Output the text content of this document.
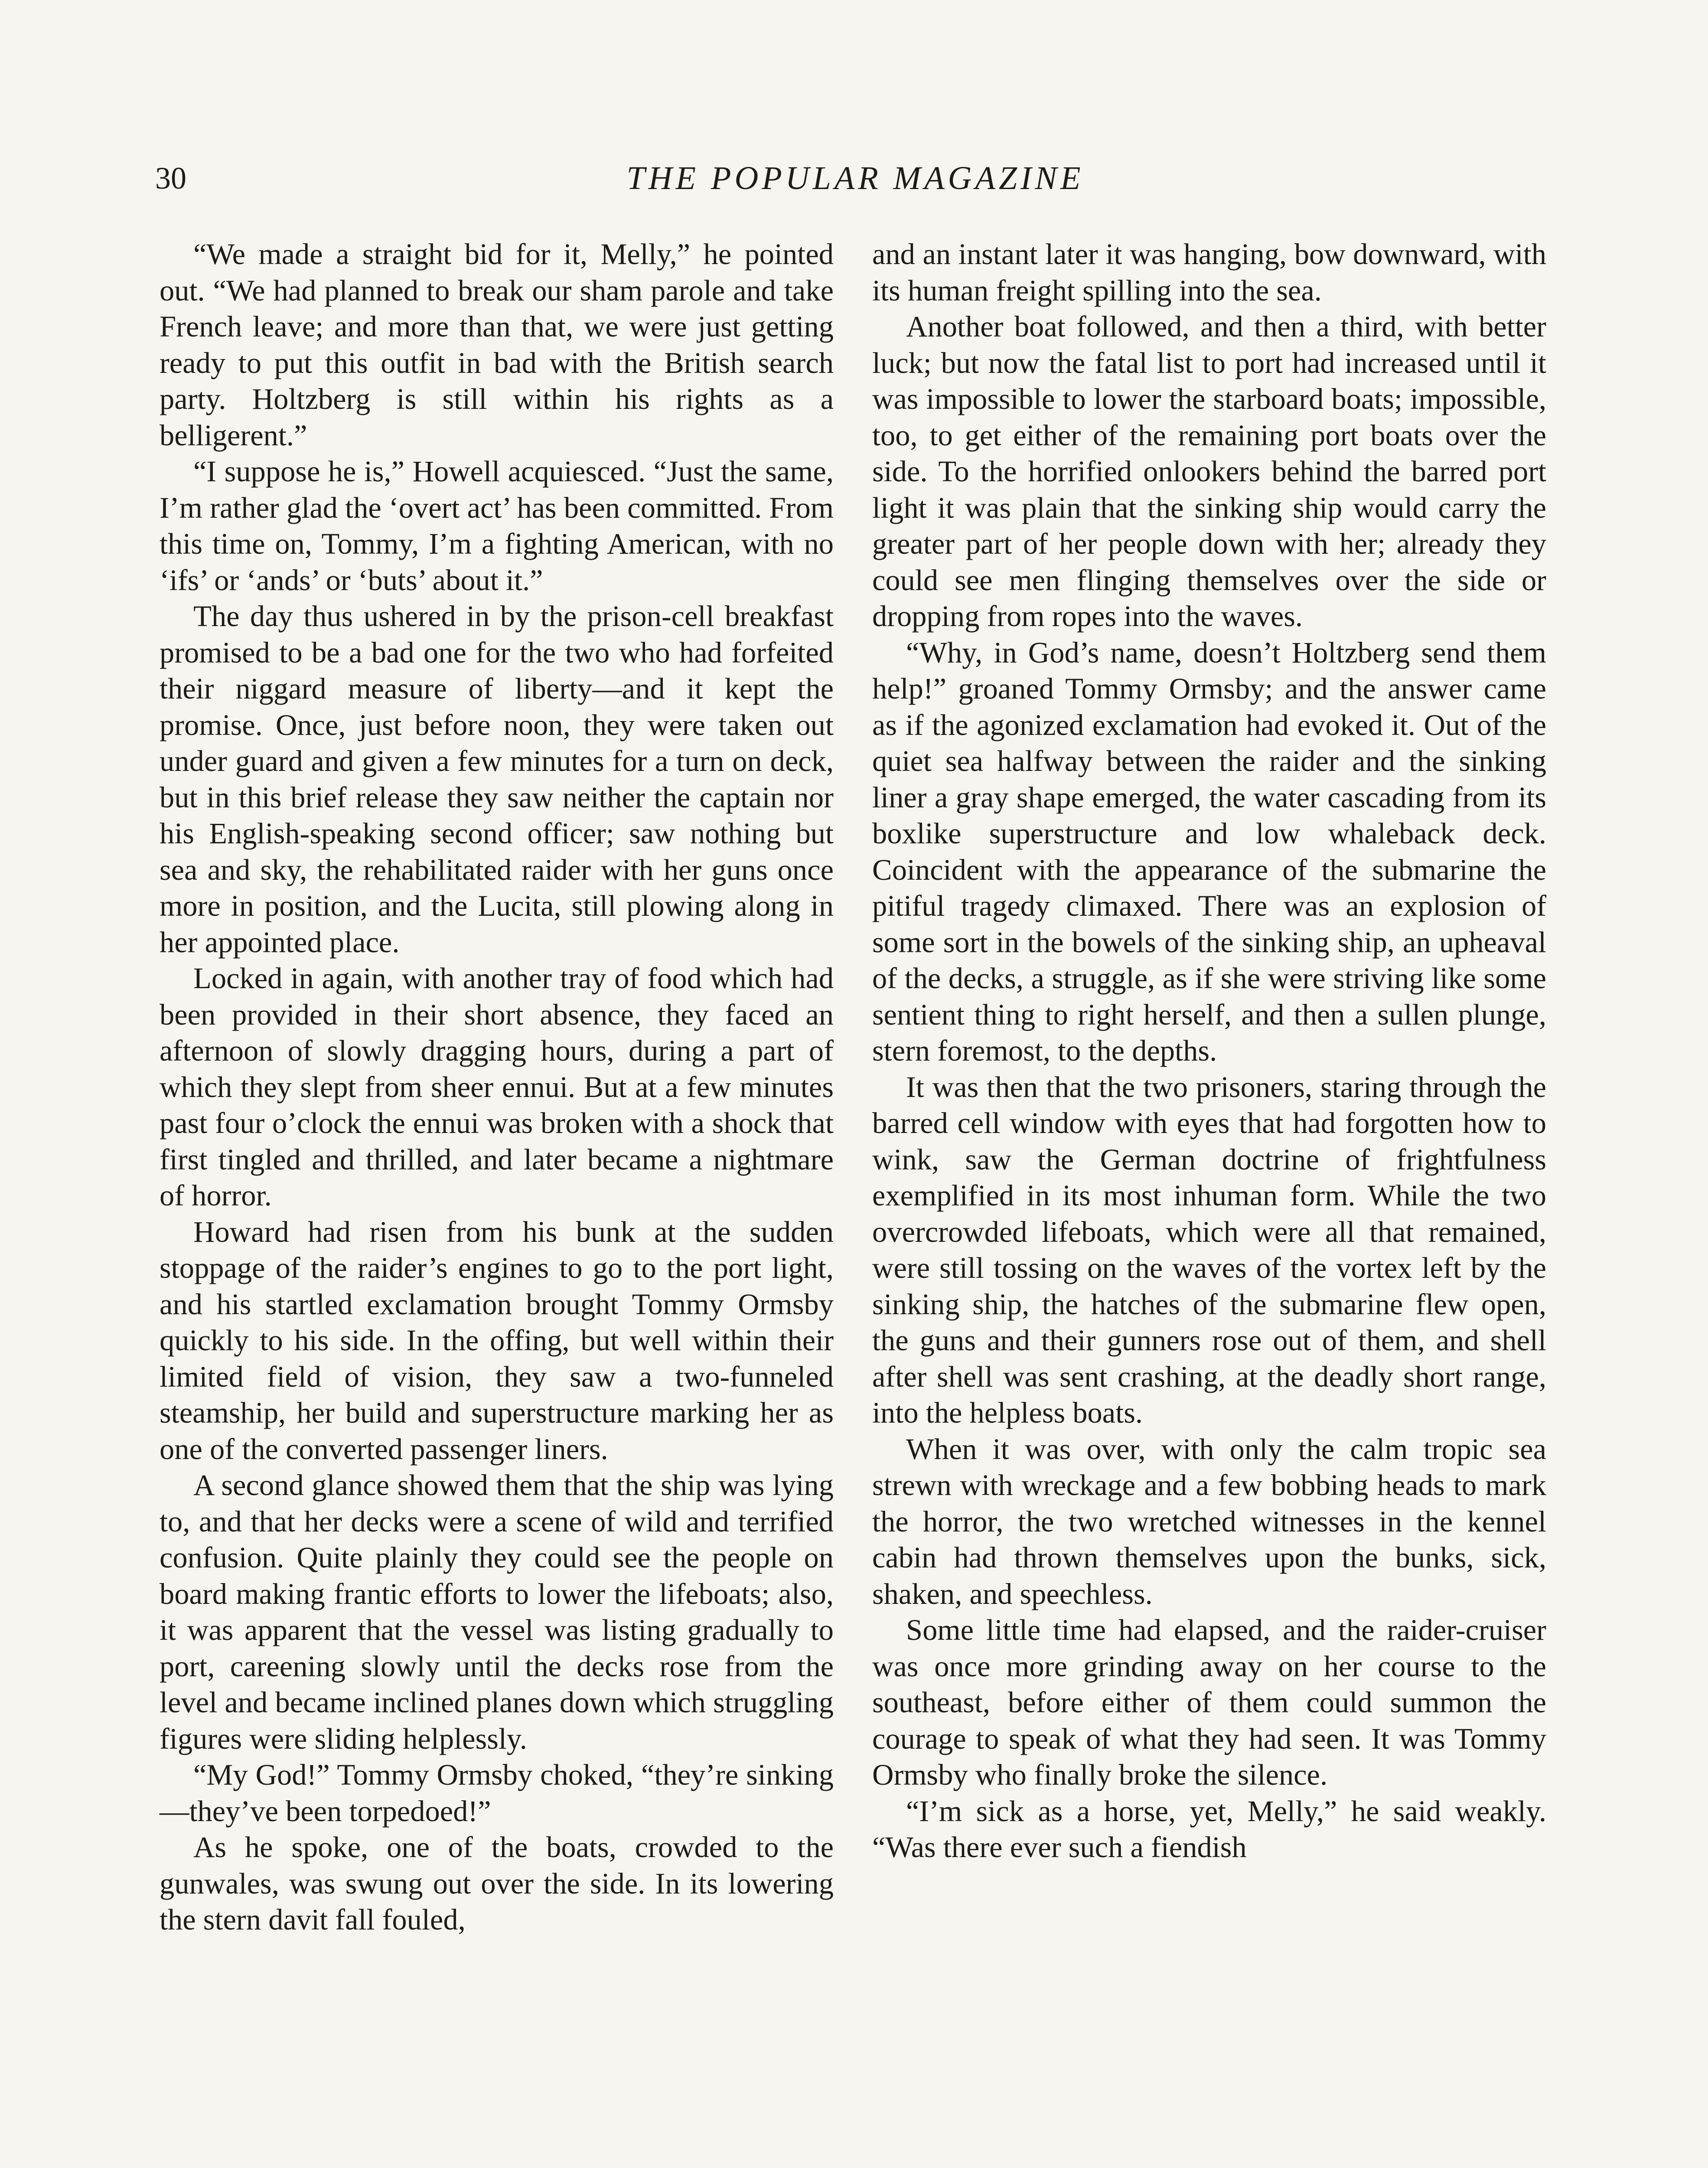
30	THE POPULAR MAGAZINE

“We made a straight bid for it, Melly,” he pointed out. “We had planned to break our sham parole and take French leave; and more than that, we were just getting ready to put this outfit in bad with the British search party. Holtzberg is still within his rights as a belligerent.”

“I suppose he is,” Howell acquiesced. “Just the same, I’m rather glad the ‘overt act’ has been committed. From this time on, Tommy, I’m a fighting American, with no ‘ifs’ or ‘ands’ or ‘buts’ about it.”

The day thus ushered in by the prison-cell breakfast promised to be a bad one for the two who had forfeited their niggard measure of liberty—and it kept the promise. Once, just before noon, they were taken out under guard and given a few minutes for a turn on deck, but in this brief release they saw neither the captain nor his English-speaking second officer; saw nothing but sea and sky, the rehabilitated raider with her guns once more in position, and the Lucita, still plowing along in her appointed place.

Locked in again, with another tray of food which had been provided in their short absence, they faced an afternoon of slowly dragging hours, during a part of which they slept from sheer ennui. But at a few minutes past four o’clock the ennui was broken with a shock that first tingled and thrilled, and later became a nightmare of horror.

Howard had risen from his bunk at the sudden stoppage of the raider’s engines to go to the port light, and his startled exclamation brought Tommy Ormsby quickly to his side. In the offing, but well within their limited field of vision, they saw a two-funneled steamship, her build and superstructure marking her as one of the converted passenger liners.

A second glance showed them that the ship was lying to, and that her decks were a scene of wild and terrified confusion. Quite plainly they could see the people on board making frantic efforts to lower the lifeboats; also, it was apparent that the vessel was listing gradually to port, careening slowly until the decks rose from the level and became inclined planes down which struggling figures were sliding helplessly.

“My God!” Tommy Ormsby choked, “they’re sinking—they’ve been torpedoed!”

As he spoke, one of the boats, crowded to the gunwales, was swung out over the side. In its lowering the stern davit fall fouled,

and an instant later it was hanging, bow downward, with its human freight spilling into the sea.

Another boat followed, and then a third, with better luck; but now the fatal list to port had increased until it was impossible to lower the starboard boats; impossible, too, to get either of the remaining port boats over the side. To the horrified onlookers behind the barred port light it was plain that the sinking ship would carry the greater part of her people down with her; already they could see men flinging themselves over the side or dropping from ropes into the waves.

“Why, in God’s name, doesn’t Holtzberg send them help!” groaned Tommy Ormsby; and the answer came as if the agonized exclamation had evoked it. Out of the quiet sea halfway between the raider and the sinking liner a gray shape emerged, the water cascading from its boxlike superstructure and low whaleback deck. Coincident with the appearance of the submarine the pitiful tragedy climaxed. There was an explosion of some sort in the bowels of the sinking ship, an upheaval of the decks, a struggle, as if she were striving like some sentient thing to right herself, and then a sullen plunge, stern foremost, to the depths.

It was then that the two prisoners, staring through the barred cell window with eyes that had forgotten how to wink, saw the German doctrine of frightfulness exemplified in its most inhuman form. While the two overcrowded lifeboats, which were all that remained, were still tossing on the waves of the vortex left by the sinking ship, the hatches of the submarine flew open, the guns and their gunners rose out of them, and shell after shell was sent crashing, at the deadly short range, into the helpless boats.

When it was over, with only the calm tropic sea strewn with wreckage and a few bobbing heads to mark the horror, the two wretched witnesses in the kennel cabin had thrown themselves upon the bunks, sick, shaken, and speechless.

Some little time had elapsed, and the raider-cruiser was once more grinding away on her course to the southeast, before either of them could summon the courage to speak of what they had seen. It was Tommy Ormsby who finally broke the silence.

“I’m sick as a horse, yet, Melly,” he said weakly. “Was there ever such a fiendish
